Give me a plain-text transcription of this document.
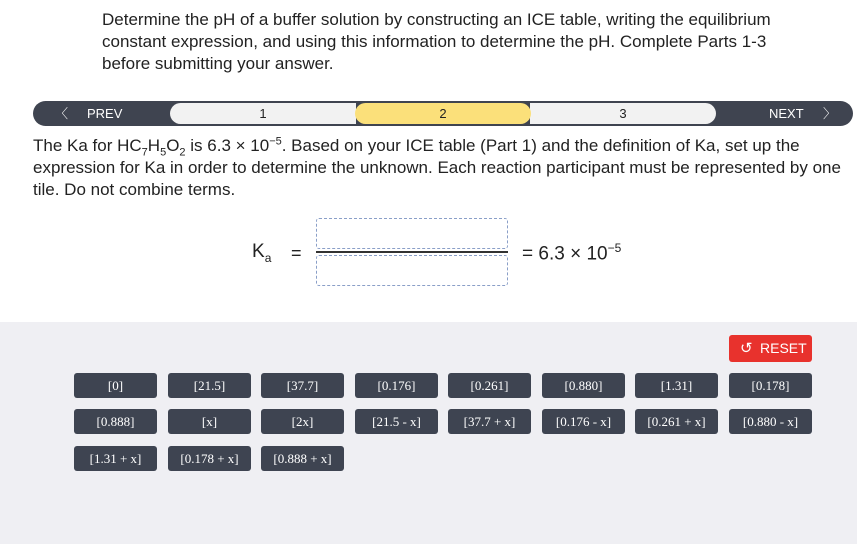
Determine the pH of a buffer solution by constructing an ICE table, writing the equilibrium constant expression, and using this information to determine the pH. Complete Parts 1-3 before submitting your answer.
〈 PREV	1	3
2	NEXT 〉
The Ka for $HC_7H_5O_2$ is $6.3 \times 10^{-5}$. Based on your ICE table (Part 1) and the definition of Ka, set up the expression for Ka in order to determine the unknown. Each reaction participant must be represented by one tile. Do not combine terms.
$K_a$ =	= $6.3 \times 10^{-5}$
↺ RESET
[0]	[21.5]	[37.7]	[0.176]	[0.261]	[0.880]	[1.31]	[0.178]
[0.888]	[x]	[2x]	[21.5 - x]	[37.7 + x]	[0.176 - x]	[0.261 + x]	[0.880 - x]
[1.31 + x]	[0.178 + x]	[0.888 + x]
